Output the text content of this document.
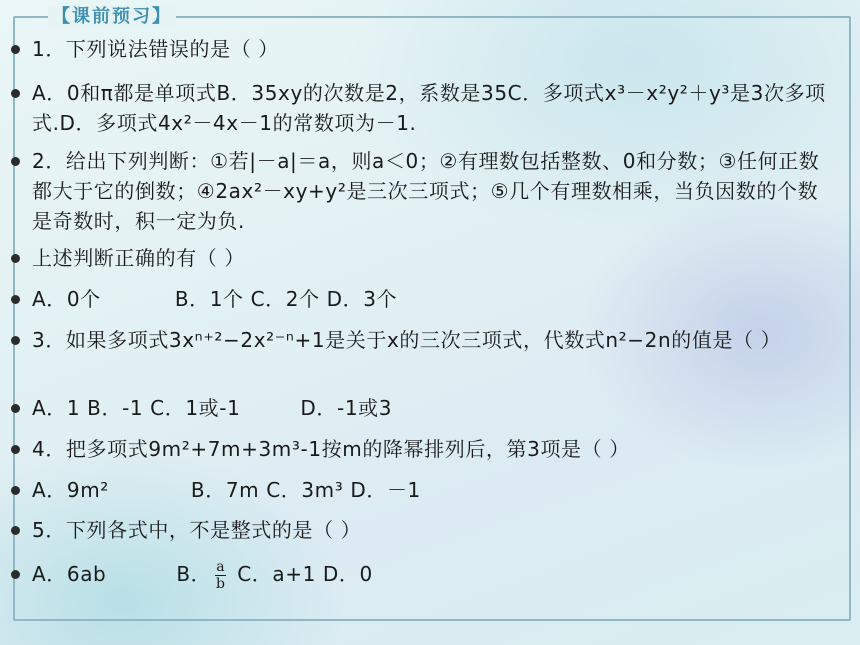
【课前预习】
1．下列说法错误的是（ ）
A．0和π都是单项式B．35xy的次数是2，系数是35C．多项式x³－x²y²＋y³是3次多项式.D．多项式4x²－4x－1的常数项为－1.
2．给出下列判断：①若|－a|＝a，则a＜0；②有理数包括整数、0和分数；③任何正数都大于它的倒数；④2ax²－xy+y²是三次三项式；⑤几个有理数相乘，当负因数的个数是奇数时，积一定为负.
上述判断正确的有（ ）
A．0个	B．1个 C．2个 D．3个
3．如果多项式3xⁿ⁺²−2x²⁻ⁿ+1是关于x的三次三项式，代数式n²−2n的值是（ ）
A．1 B．-1 C．1或-1	D．-1或3
4．把多项式9m²+7m+3m³-1按m的降幂排列后，第3项是（ ）
A．9m²	B．7m C．3m³ D．－1
5．下列各式中，不是整式的是（ ）
A．6ab	B． $\frac{a}{b}$ C．a+1 D．0
